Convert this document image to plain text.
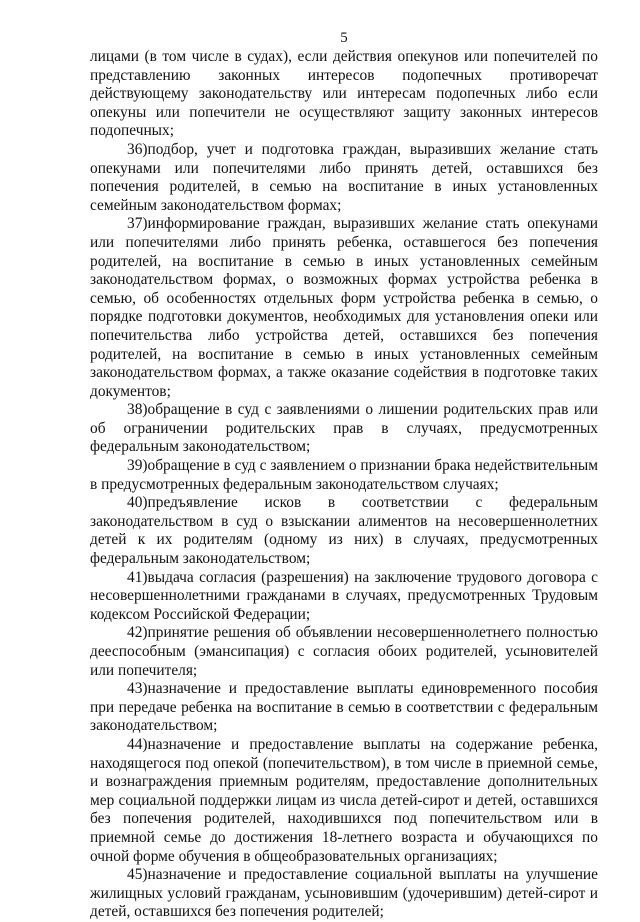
5

лицами (в том числе в судах), если действия опекунов или попечителей по представлению законных интересов подопечных противоречат действующему законодательству или интересам подопечных либо если опекуны или попечители не осуществляют защиту законных интересов подопечных;

36)подбор, учет и подготовка граждан, выразивших желание стать опекунами или попечителями либо принять детей, оставшихся без попечения родителей, в семью на воспитание в иных установленных семейным законодательством формах;

37)информирование граждан, выразивших желание стать опекунами или попечителями либо принять ребенка, оставшегося без попечения родителей, на воспитание в семью в иных установленных семейным законодательством формах, о возможных формах устройства ребенка в семью, об особенностях отдельных форм устройства ребенка в семью, о порядке подготовки документов, необходимых для установления опеки или попечительства либо устройства детей, оставшихся без попечения родителей, на воспитание в семью в иных установленных семейным законодательством формах, а также оказание содействия в подготовке таких документов;

38)обращение в суд с заявлениями о лишении родительских прав или об ограничении родительских прав в случаях, предусмотренных федеральным законодательством;

39)обращение в суд с заявлением о признании брака недействительным в предусмотренных федеральным законодательством случаях;

40)предъявление исков в соответствии с федеральным законодательством в суд о взыскании алиментов на несовершеннолетних детей к их родителям (одному из них) в случаях, предусмотренных федеральным законодательством;

41)выдача согласия (разрешения) на заключение трудового договора с несовершеннолетними гражданами в случаях, предусмотренных Трудовым кодексом Российской Федерации;

42)принятие решения об объявлении несовершеннолетнего полностью дееспособным (эмансипация) с согласия обоих родителей, усыновителей или попечителя;

43)назначение и предоставление выплаты единовременного пособия при передаче ребенка на воспитание в семью в соответствии с федеральным законодательством;

44)назначение и предоставление выплаты на содержание ребенка, находящегося под опекой (попечительством), в том числе в приемной семье, и вознаграждения приемным родителям, предоставление дополнительных мер социальной поддержки лицам из числа детей-сирот и детей, оставшихся без попечения родителей, находившихся под попечительством или в приемной семье до достижения 18-летнего возраста и обучающихся по очной форме обучения в общеобразовательных организациях;

45)назначение и предоставление социальной выплаты на улучшение жилищных условий гражданам, усыновившим (удочерившим) детей-сирот и детей, оставшихся без попечения родителей;
